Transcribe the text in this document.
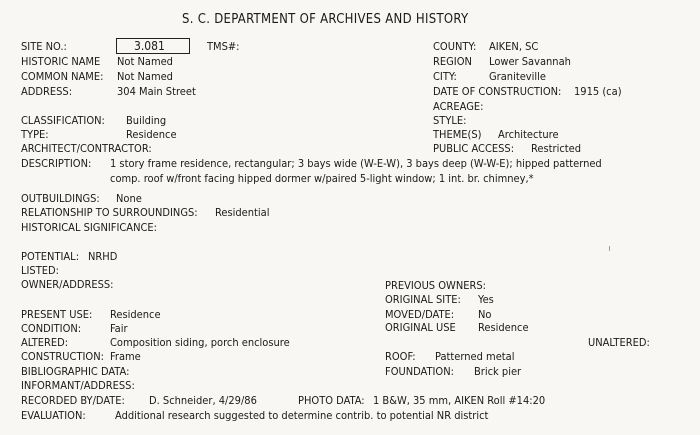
S. C. DEPARTMENT OF ARCHIVES AND HISTORY
SITE NO.:	3.081	TMS#:
HISTORIC NAME Not Named
COMMON NAME: Not Named
ADDRESS:	304 Main Street
CLASSIFICATION: Building
TYPE:	Residence
ARCHITECT/CONTRACTOR:
DESCRIPTION: 1 story frame residence, rectangular; 3 bays wide (W-E-W), 3 bays deep (W-W-E); hipped patterned
comp. roof w/front facing hipped dormer w/paired 5-light window; 1 int. br. chimney,*
OUTBUILDINGS: None
RELATIONSHIP TO SURROUNDINGS: Residential
HISTORICAL SIGNIFICANCE:
POTENTIAL: NRHD
LISTED:
OWNER/ADDRESS:
PRESENT USE: Residence
CONDITION:	Fair
ALTERED:	Composition siding, porch enclosure
CONSTRUCTION: Frame
BIBLIOGRAPHIC DATA:
INFORMANT/ADDRESS:
RECORDED BY/DATE: D. Schneider, 4/29/86	PHOTO DATA: 1 B&W, 35 mm, AIKEN Roll #14:20
EVALUATION:	Additional research suggested to determine contrib. to potential NR district
COUNTY: AIKEN, SC
REGION Lower Savannah
CITY:	Graniteville
DATE OF CONSTRUCTION: 1915 (ca)
ACREAGE:
STYLE:
THEME(S) Architecture
PUBLIC ACCESS: Restricted
PREVIOUS OWNERS:
ORIGINAL SITE: Yes
MOVED/DATE: No
ORIGINAL USE Residence
UNALTERED:
ROOF: Patterned metal
FOUNDATION: Brick pier
